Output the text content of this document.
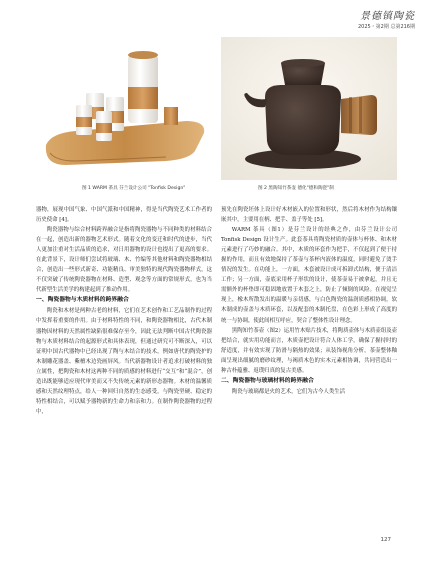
景德镇陶瓷
2025・第2期 总第216期
图 1 WARM 茶具 芬兰设计公司 "Tonfisk Design"	图 2 黑陶知竹茶壶 德化"德和陶瓷"制

器物，展现中国气象、中国气派和中国精神，得是当代陶瓷艺术工作者的历史使命 [4]。

陶瓷器物与综合材料跨界融合是指将陶瓷器物与不同种类的材料结合在一起，创造出新的器物艺术形式。随着文化的变迁和时代的进步，当代人更加注重对生活品质的追求，对日用器物的设计也提出了更高的要求。在此背景下，设计师们尝试将玻璃、木、竹编等其他材料和陶瓷器物相结合，创造出一些形式新奇、功能精良、审美独特的现代陶瓷器物样式，这不仅突破了传统陶瓷器物在材料、造型、观念等方面的常规形式，也为当代新型生活美学的构建起到了推动作用。

一、陶瓷器物与木质材料的跨界融合

陶瓷和木材是两种古老的材料，它们在艺术创作和工艺品制作的过程中发挥着重要的作用。由于材料特性的不同，和陶瓷器物相比，古代木制器物因材料的天然属性缺陷很难保存至今，因此无法判断中国古代陶瓷器物与木质材料结合的起源形式和具体表现，但通过研究可不断深入，可以证明中国古代器物中已经出现了陶与木结合的技术，例如唐代的陶瓷护的木制雕花器盖、紫檀木边瓷画屏风。当代新器物设计者追求打破材料的独立属性，把陶瓷和木材这两种不同的质感的材料进行“交互”和“混合”，创造出既能够适应现代审美而又不失传统元素的新形态器物。木材的温馨质感和天然纹理特点，给人一种回归自然的生态感受，与陶瓷坚硬、稳定的特性相结合，可以赋予器物新的生命力和亲和力。在制作陶瓷器物的过程中，

预先在陶瓷坯体上设计好木材嵌入的位置和形状，然后将木材作为结构镶嵌其中，主要用在柄、把手、盖子等处 [5]。

WARM 茶具（图1）是芬兰设计的经典之作，由芬兰设计公司 Tonfisk Design 设计生产。此套茶具将陶瓷材质的壶体与杯体、和木材元素进行了巧妙的融合。其中，木质的环套作为把手，不仅起到了便于持握的作用，而且有效地保持了茶壶与茶杯内液体的温度，同时避免了烫手情况的发生。在功能上，一方面，木套被设计成可拆卸式结构，便于清洁工作；另一方面，壶底采用杯子形状的设计，使茶壶易于被拿起，并且无需额外的杯垫即可稳固地放置于木套之上，防止了倾倒的风险。在视觉呈现上，橡木所散发出的温暖与亲切感，与白色陶瓷的温润质感相协调，软木制成的壶盖与木质环套，以及配套的木制托盘，在色彩上形成了高度的统一与协调，使此间相互呼应，契合了整体性设计理念。

黑陶知竹茶壶（图2）运用竹木贴片技术，将陶质壶体与木质壶组及壶把结合，就实用功能而言，木质壶把设计符合人体工学，确保了握持时的舒适度，并有效实现了防滑与隔热的效果；从装饰视角分析，茶壶整体釉面呈现出细腻的磨砂纹理，与褐质木色的实木元素相协调，共同营造出一种古朴蕴雅、返璞归真的复古美感。

二、陶瓷器物与玻璃材料的跨界融合

陶瓷与玻璃都是火的艺术，它们为古今人类生活

127
